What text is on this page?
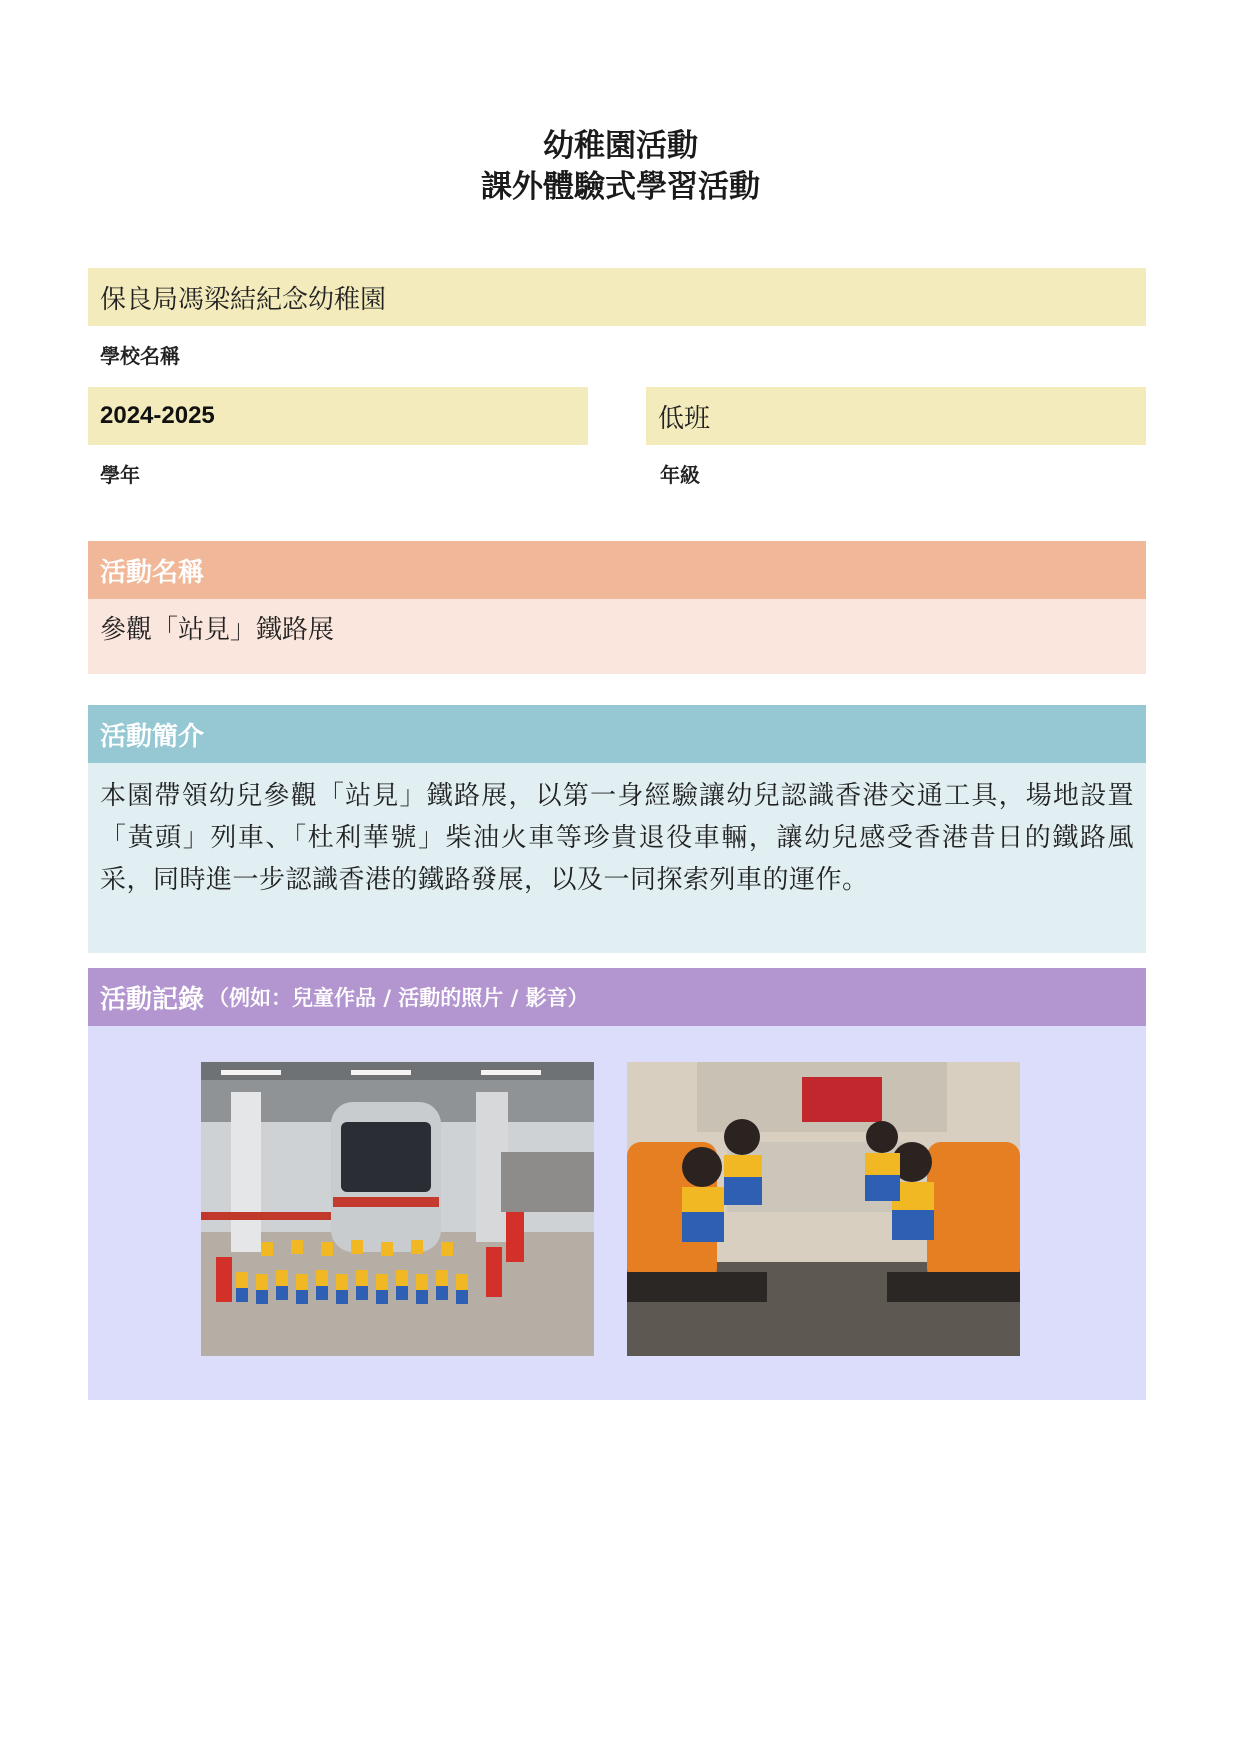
幼稚園活動
課外體驗式學習活動
保良局馮梁結紀念幼稚園
學校名稱
2024-2025
學年
低班
年級
活動名稱
參觀「站見」鐵路展
活動簡介
本園帶領幼兒參觀「站見」鐵路展，以第一身經驗讓幼兒認識香港交通工具，場地設置「黃頭」列車、「杜利華號」柴油火車等珍貴退役車輛，讓幼兒感受香港昔日的鐵路風采，同時進一步認識香港的鐵路發展，以及一同探索列車的運作。
活動記錄 （例如：兒童作品 / 活動的照片 / 影音）
